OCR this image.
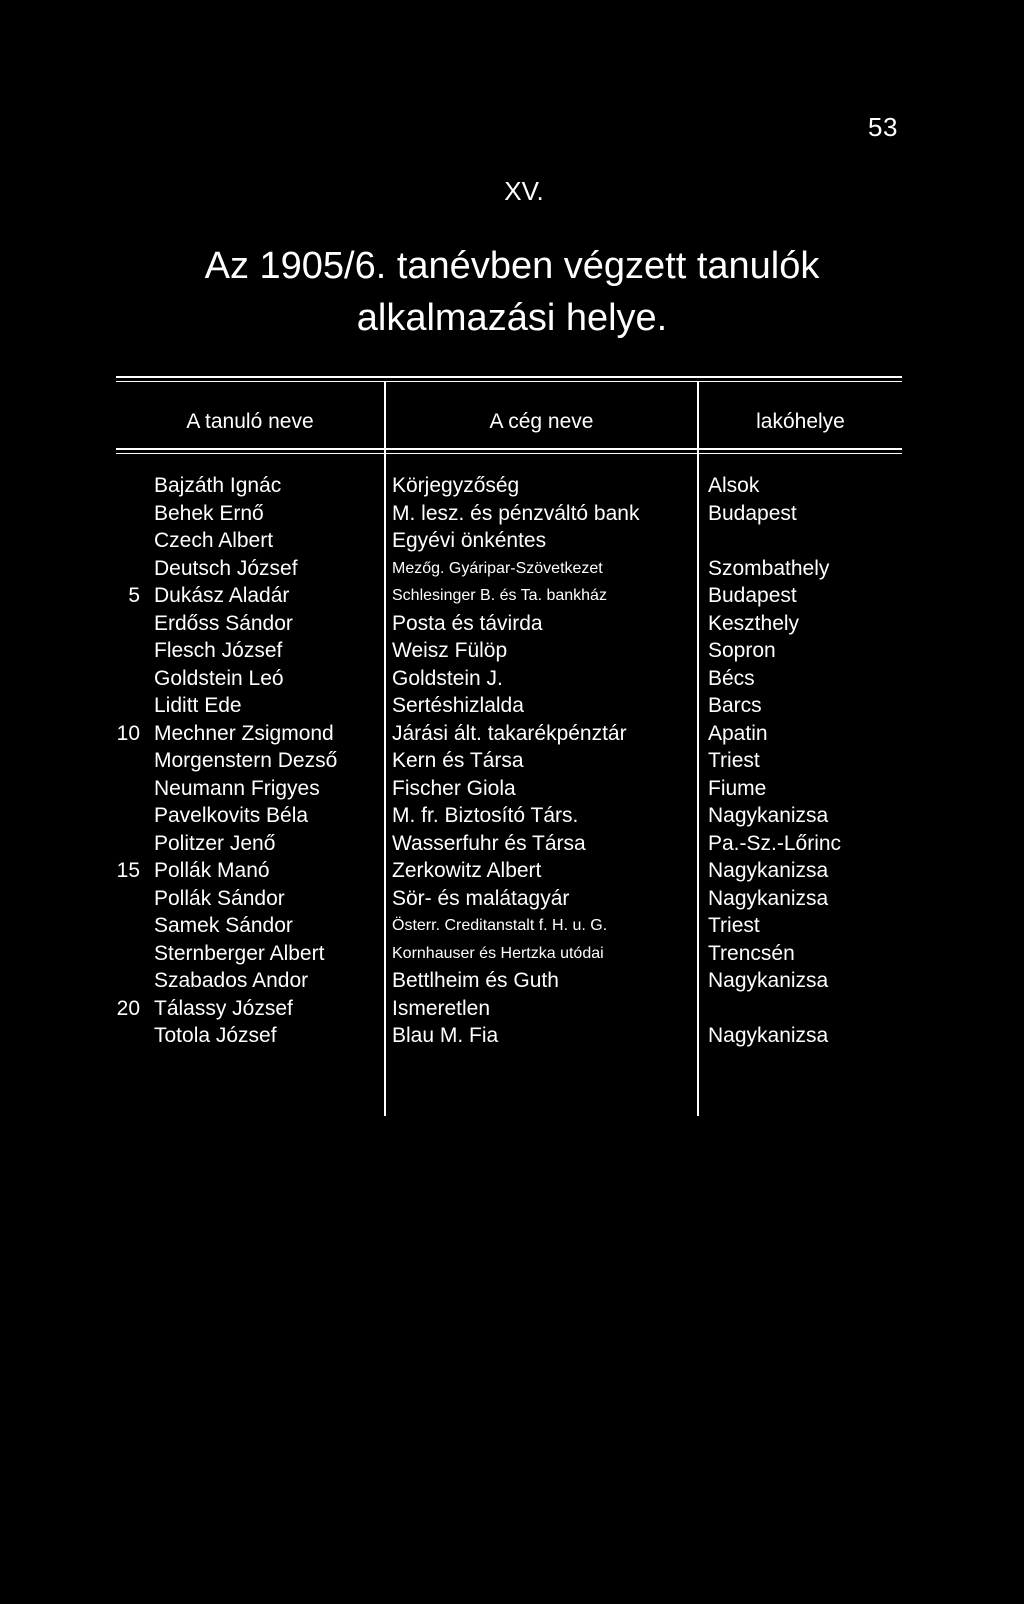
53
XV.
Az 1905/6. tanévben végzett tanulók
alkalmazási helye.
A tanuló neve	A cég neve	lakóhelye
Bajzáth Ignác	Körjegyzőség	Alsok
Behek Ernő	M. lesz. és pénzváltó bank	Budapest
Czech Albert	Egyévi önkéntes
Deutsch József	Mezőg. Gyáripar-Szövetkezet	Szombathely
5 Dukász Aladár	Schlesinger B. és Ta. bankház	Budapest
Erdőss Sándor	Posta és távirda	Keszthely
Flesch József	Weisz Fülöp	Sopron
Goldstein Leó	Goldstein J.	Bécs
Liditt Ede	Sertéshizlalda	Barcs
10 Mechner Zsigmond	Járási ált. takarékpénztár	Apatin
Morgenstern Dezső	Kern és Társa	Triest
Neumann Frigyes	Fischer Giola	Fiume
Pavelkovits Béla	M. fr. Biztosító Társ.	Nagykanizsa
Politzer Jenő	Wasserfuhr és Társa	Pa.-Sz.-Lőrinc
15 Pollák Manó	Zerkowitz Albert	Nagykanizsa
Pollák Sándor	Sör- és malátagyár	Nagykanizsa
Samek Sándor	Österr. Creditanstalt f. H. u. G.	Triest
Sternberger Albert	Kornhauser és Hertzka utódai	Trencsén
Szabados Andor	Bettlheim és Guth	Nagykanizsa
20 Tálassy József	Ismeretlen
Totola József	Blau M. Fia	Nagykanizsa
